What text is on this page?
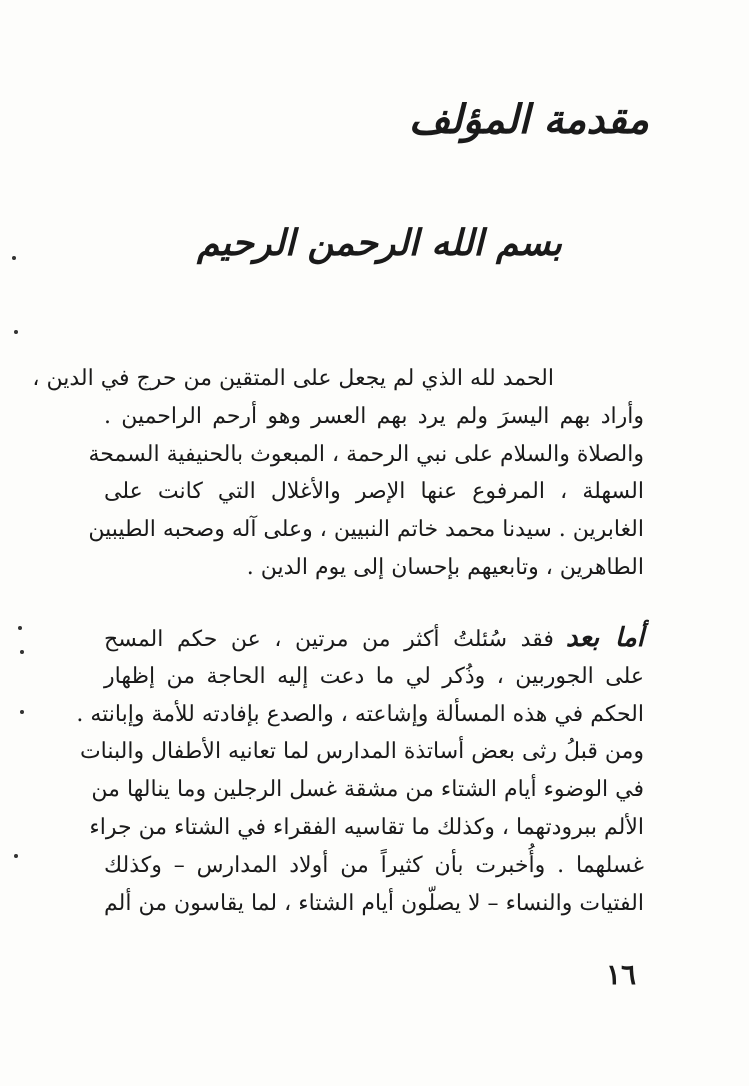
مقدمة المؤلف
بسم الله الرحمن الرحيم
الحمد لله الذي لم يجعل على المتقين من حرج في الدين ،
وأراد بهم اليسرَ ولم يرد بهم العسر وهو أرحم الراحمين .
والصلاة والسلام على نبي الرحمة ، المبعوث بالحنيفية السمحة
السهلة ، المرفوع عنها الإصر والأغلال التي كانت على
الغابرين . سيدنا محمد خاتم النبيين ، وعلى آله وصحبه الطيبين
الطاهرين ، وتابعيهم بإحسان إلى يوم الدين .
أما بعدفقد سُئلتُ أكثر من مرتين ، عن حكم المسح
على الجوربين ، وذُكر لي ما دعت إليه الحاجة من إظهار
الحكم في هذه المسألة وإشاعته ، والصدع بإفادته للأمة وإبانته .
ومن قبلُ رثى بعض أساتذة المدارس لما تعانيه الأطفال والبنات
في الوضوء أيام الشتاء من مشقة غسل الرجلين وما ينالها من
الألم ببرودتهما ، وكذلك ما تقاسيه الفقراء في الشتاء من جراء
غسلهما . وأُخبرت بأن كثيراً من أولاد المدارس – وكذلك
الفتيات والنساء – لا يصلّون أيام الشتاء ، لما يقاسون من ألم
١٦
